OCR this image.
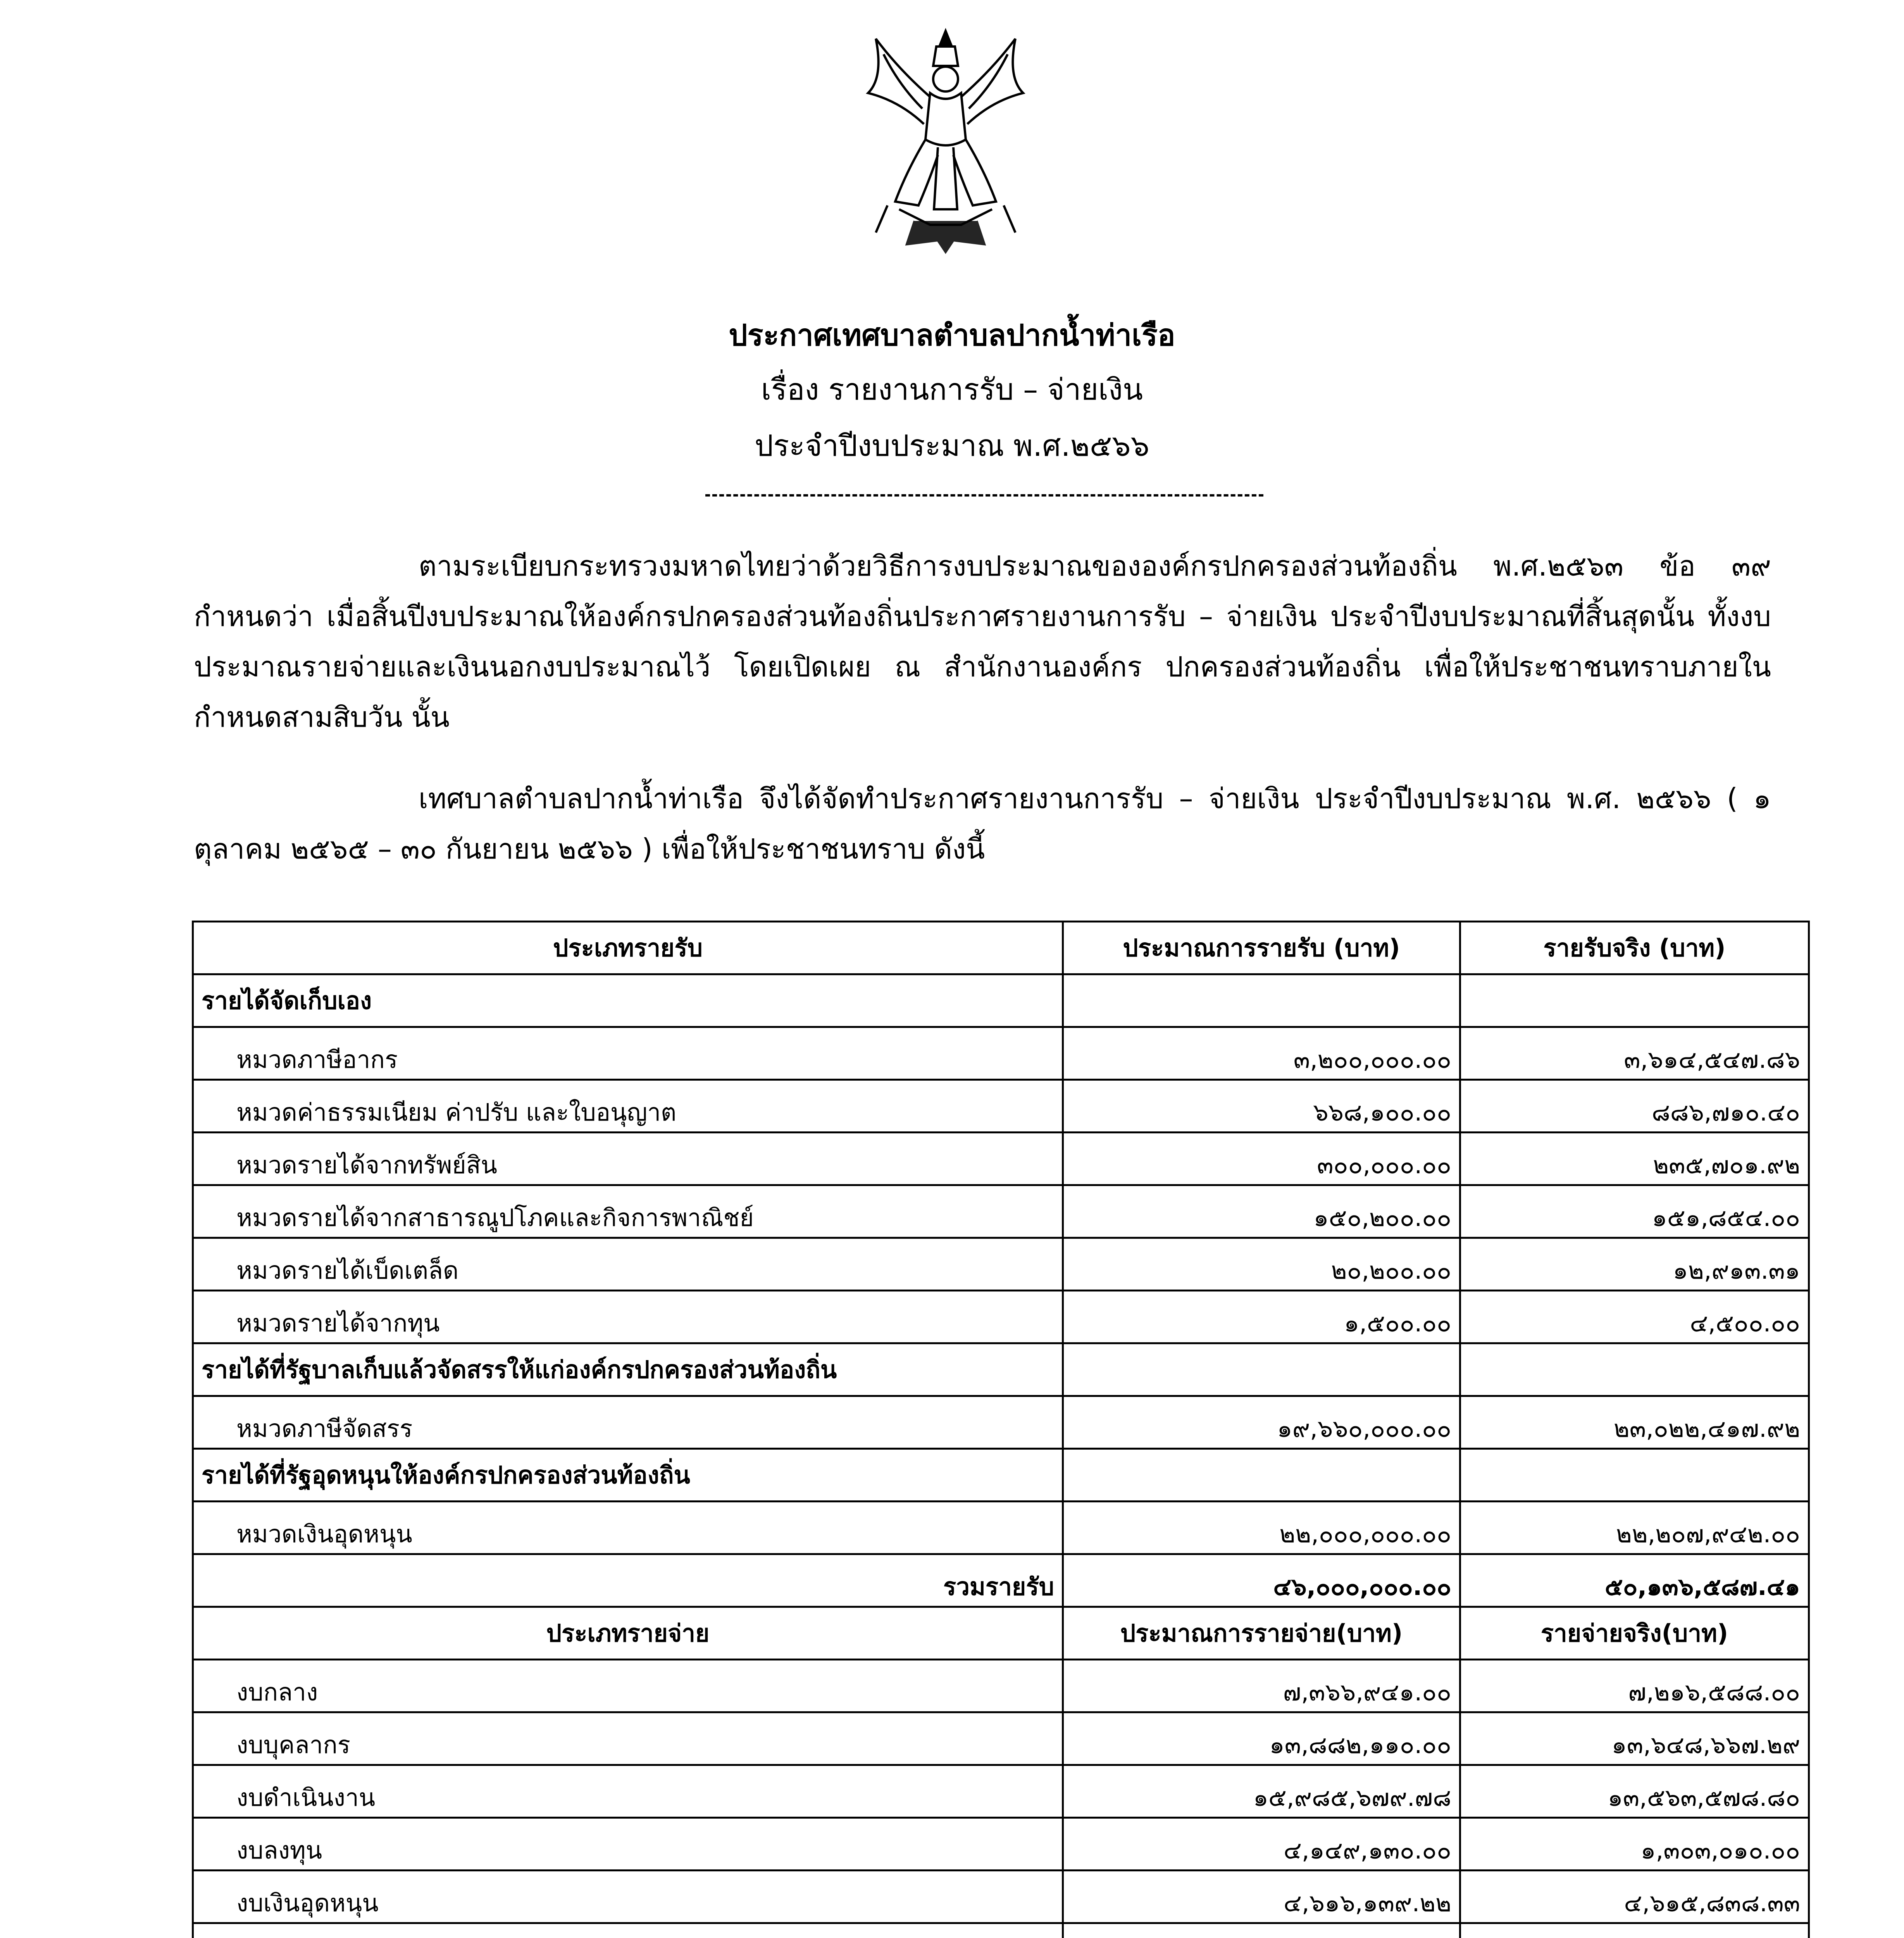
ประกาศเทศบาลตำบลปากน้ำท่าเรือ
เรื่อง รายงานการรับ – จ่ายเงิน
ประจำปีงบประมาณ พ.ศ.๒๕๖๖
ตามระเบียบกระทรวงมหาดไทยว่าด้วยวิธีการงบประมาณขององค์กรปกครองส่วนท้องถิ่น พ.ศ.๒๕๖๓ ข้อ ๓๙ กำหนดว่า เมื่อสิ้นปีงบประมาณให้องค์กรปกครองส่วนท้องถิ่นประกาศรายงานการรับ – จ่ายเงิน ประจำปีงบประมาณที่สิ้นสุดนั้น ทั้งงบประมาณรายจ่ายและเงินนอกงบประมาณไว้ โดยเปิดเผย ณ สำนักงานองค์กร ปกครองส่วนท้องถิ่น เพื่อให้ประชาชนทราบภายในกำหนดสามสิบวัน นั้น
เทศบาลตำบลปากน้ำท่าเรือ จึงได้จัดทำประกาศรายงานการรับ – จ่ายเงิน ประจำปีงบประมาณ พ.ศ. ๒๕๖๖ ( ๑ ตุลาคม ๒๕๖๕ – ๓๐ กันยายน ๒๕๖๖ ) เพื่อให้ประชาชนทราบ ดังนี้
ประเภทรายรับ	ประมาณการรายรับ (บาท)	รายรับจริง (บาท)
รายได้จัดเก็บเอง		
หมวดภาษีอากร	๓,๒๐๐,๐๐๐.๐๐	๓,๖๑๔,๕๔๗.๘๖
หมวดค่าธรรมเนียม ค่าปรับ และใบอนุญาต	๖๖๘,๑๐๐.๐๐	๘๘๖,๗๑๐.๔๐
หมวดรายได้จากทรัพย์สิน	๓๐๐,๐๐๐.๐๐	๒๓๕,๗๐๑.๙๒
หมวดรายได้จากสาธารณูปโภคและกิจการพาณิชย์	๑๕๐,๒๐๐.๐๐	๑๕๑,๘๕๔.๐๐
หมวดรายได้เบ็ดเตล็ด	๒๐,๒๐๐.๐๐	๑๒,๙๑๓.๓๑
หมวดรายได้จากทุน	๑,๕๐๐.๐๐	๔,๕๐๐.๐๐
รายได้ที่รัฐบาลเก็บแล้วจัดสรรให้แก่องค์กรปกครองส่วนท้องถิ่น		
หมวดภาษีจัดสรร	๑๙,๖๖๐,๐๐๐.๐๐	๒๓,๐๒๒,๔๑๗.๙๒
รายได้ที่รัฐอุดหนุนให้องค์กรปกครองส่วนท้องถิ่น		
หมวดเงินอุดหนุน	๒๒,๐๐๐,๐๐๐.๐๐	๒๒,๒๐๗,๙๔๒.๐๐
รวมรายรับ	๔๖,๐๐๐,๐๐๐.๐๐	๕๐,๑๓๖,๕๘๗.๔๑
ประเภทรายจ่าย	ประมาณการรายจ่าย(บาท)	รายจ่ายจริง(บาท)
งบกลาง	๗,๓๖๖,๙๔๑.๐๐	๗,๒๑๖,๕๘๘.๐๐
งบบุคลากร	๑๓,๘๘๒,๑๑๐.๐๐	๑๓,๖๔๘,๖๖๗.๒๙
งบดำเนินงาน	๑๕,๙๘๕,๖๗๙.๗๘	๑๓,๕๖๓,๕๗๘.๘๐
งบลงทุน	๔,๑๔๙,๑๓๐.๐๐	๑,๓๐๓,๐๑๐.๐๐
งบเงินอุดหนุน	๔,๖๑๖,๑๓๙.๒๒	๔,๖๑๕,๘๓๘.๓๓
